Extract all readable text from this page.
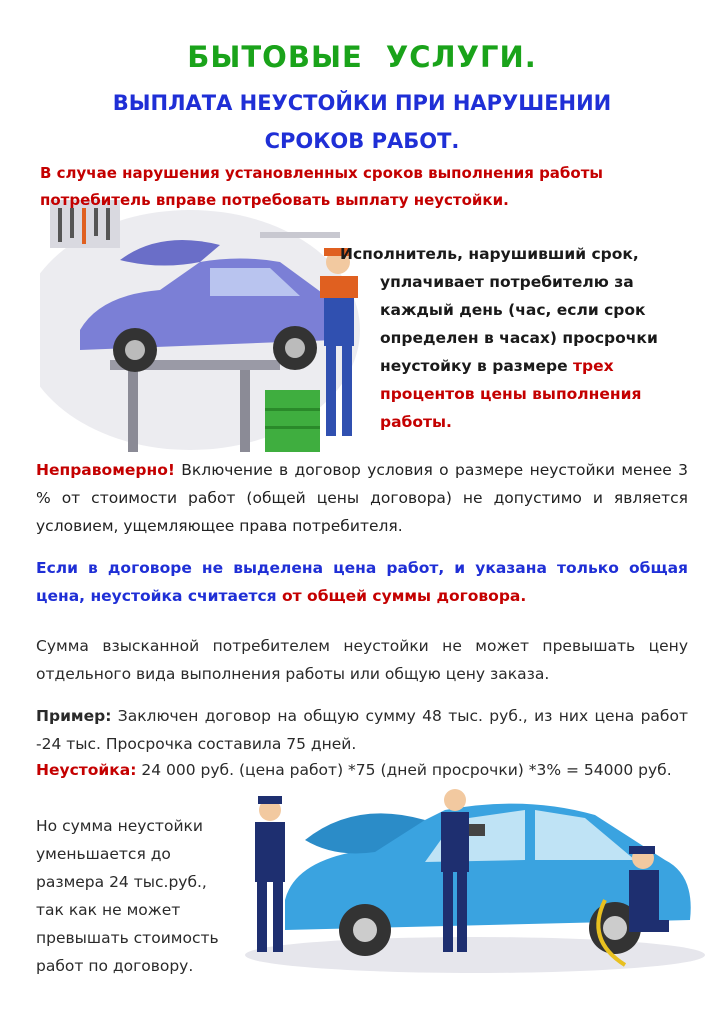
БЫТОВЫЕ УСЛУГИ.
ВЫПЛАТА НЕУСТОЙКИ ПРИ НАРУШЕНИИ
СРОКОВ РАБОТ.
В случае нарушения установленных сроков выполнения работы потребитель вправе потребовать выплату неустойки.
Исполнитель, нарушивший срок,
уплачивает потребителю за
каждый день (час, если срок
определен в часах) просрочки
неустойку в размере трех
процентов цены выполнения
работы.
Неправомерно! Включение в договор условия о размере неустойки менее 3 % от стоимости работ (общей цены договора) не допустимо и является условием, ущемляющее права потребителя.
Если в договоре не выделена цена работ, и указана только общая цена, неустойка считается от общей суммы договора.
Сумма взысканной потребителем неустойки не может превышать цену отдельного вида выполнения работы или общую цену заказа.
Пример: Заключен договор на общую сумму 48 тыс. руб., из них цена работ -24 тыс. Просрочка составила 75 дней.
Неустойка: 24 000 руб. (цена работ) *75 (дней просрочки) *3% = 54000 руб.
Но сумма неустойки
уменьшается до
размера 24 тыс.руб.,
так как не может
превышать стоимость
работ по договору.
